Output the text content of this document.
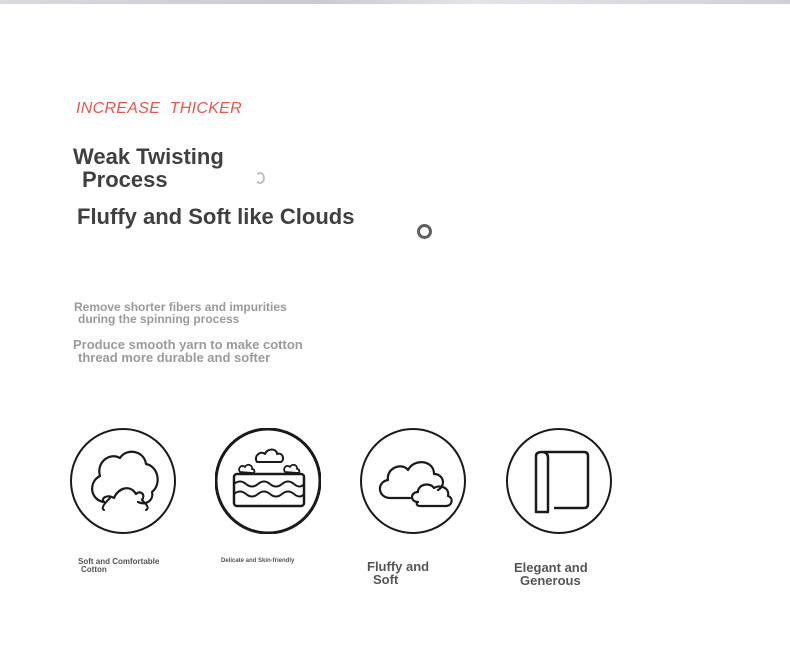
INCREASE  THICKER
Weak Twisting
Process
Fluffy and Soft like Clouds
Remove shorter fibers and impurities
during the spinning process
Produce smooth yarn to make cotton
thread more durable and softer
Soft and Comfortable
Cotton
Delicate and Skin-friendly	Fluffy and
Soft
Elegant and
Generous
